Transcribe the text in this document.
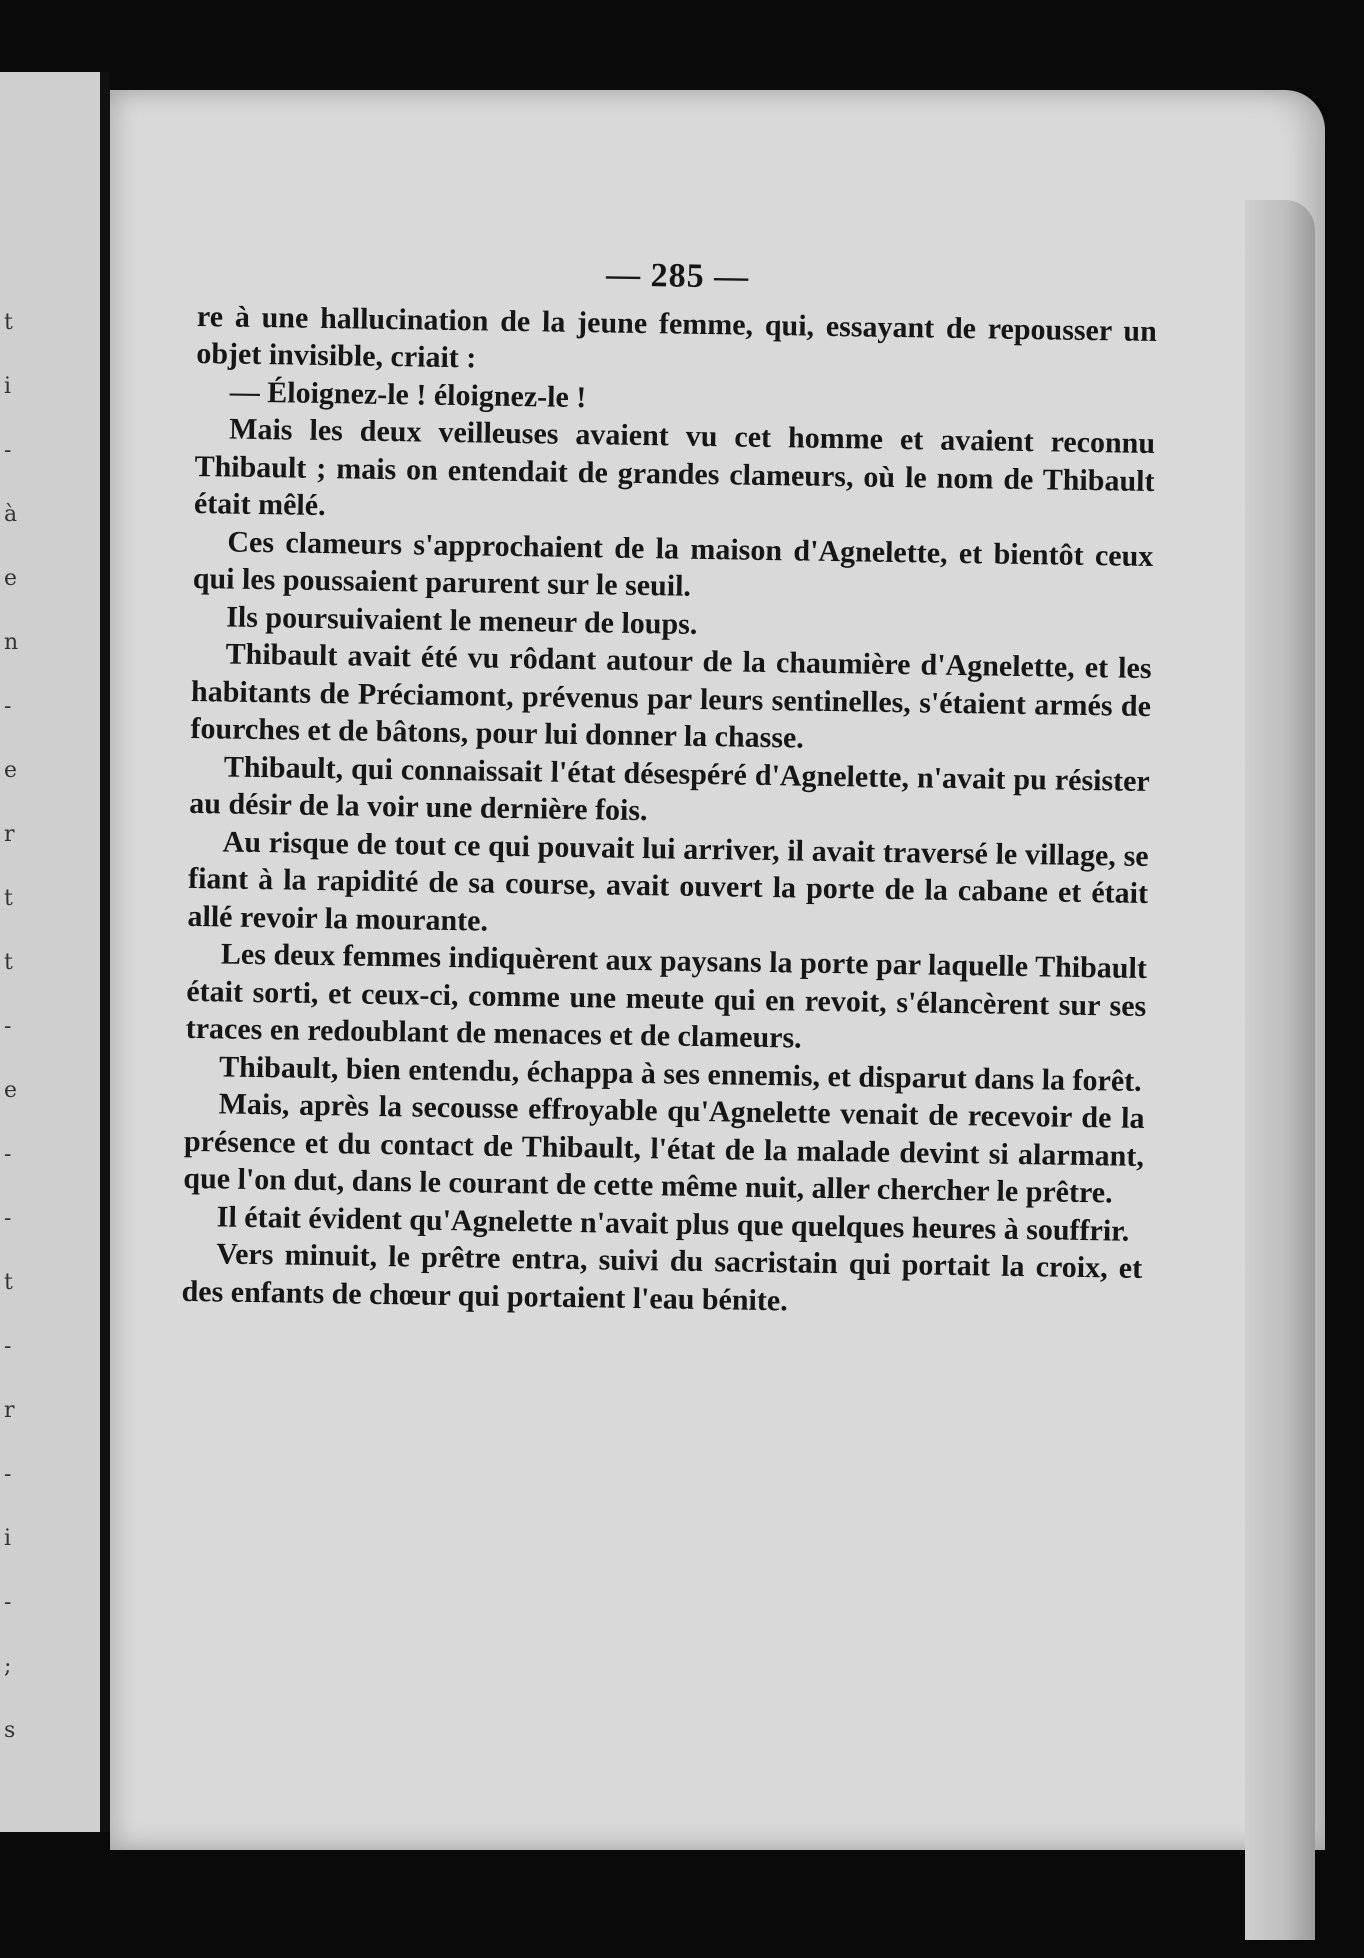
t
i
-
à
e
n
-
e
r
t
t
-
e
-
-
t
-
r
-
i
-
;
s
— 285 —

re à une hallucination de la jeune femme, qui, essayant de repousser un objet invisible, criait :

— Éloignez-le ! éloignez-le !

Mais les deux veilleuses avaient vu cet homme et avaient reconnu Thibault ; mais on entendait de grandes clameurs, où le nom de Thibault était mêlé.

Ces clameurs s'approchaient de la maison d'Agnelette, et bientôt ceux qui les poussaient parurent sur le seuil.

Ils poursuivaient le meneur de loups.

Thibault avait été vu rôdant autour de la chaumière d'Agnelette, et les habitants de Préciamont, prévenus par leurs sentinelles, s'étaient armés de fourches et de bâtons, pour lui donner la chasse.

Thibault, qui connaissait l'état désespéré d'Agnelette, n'avait pu résister au désir de la voir une dernière fois.

Au risque de tout ce qui pouvait lui arriver, il avait traversé le village, se fiant à la rapidité de sa course, avait ouvert la porte de la cabane et était allé revoir la mourante.

Les deux femmes indiquèrent aux paysans la porte par laquelle Thibault était sorti, et ceux-ci, comme une meute qui en revoit, s'élancèrent sur ses traces en redoublant de menaces et de clameurs.

Thibault, bien entendu, échappa à ses ennemis, et disparut dans la forêt.

Mais, après la secousse effroyable qu'Agnelette venait de recevoir de la présence et du contact de Thibault, l'état de la malade devint si alarmant, que l'on dut, dans le courant de cette même nuit, aller chercher le prêtre.

Il était évident qu'Agnelette n'avait plus que quelques heures à souffrir.

Vers minuit, le prêtre entra, suivi du sacristain qui portait la croix, et des enfants de chœur qui portaient l'eau bénite.
